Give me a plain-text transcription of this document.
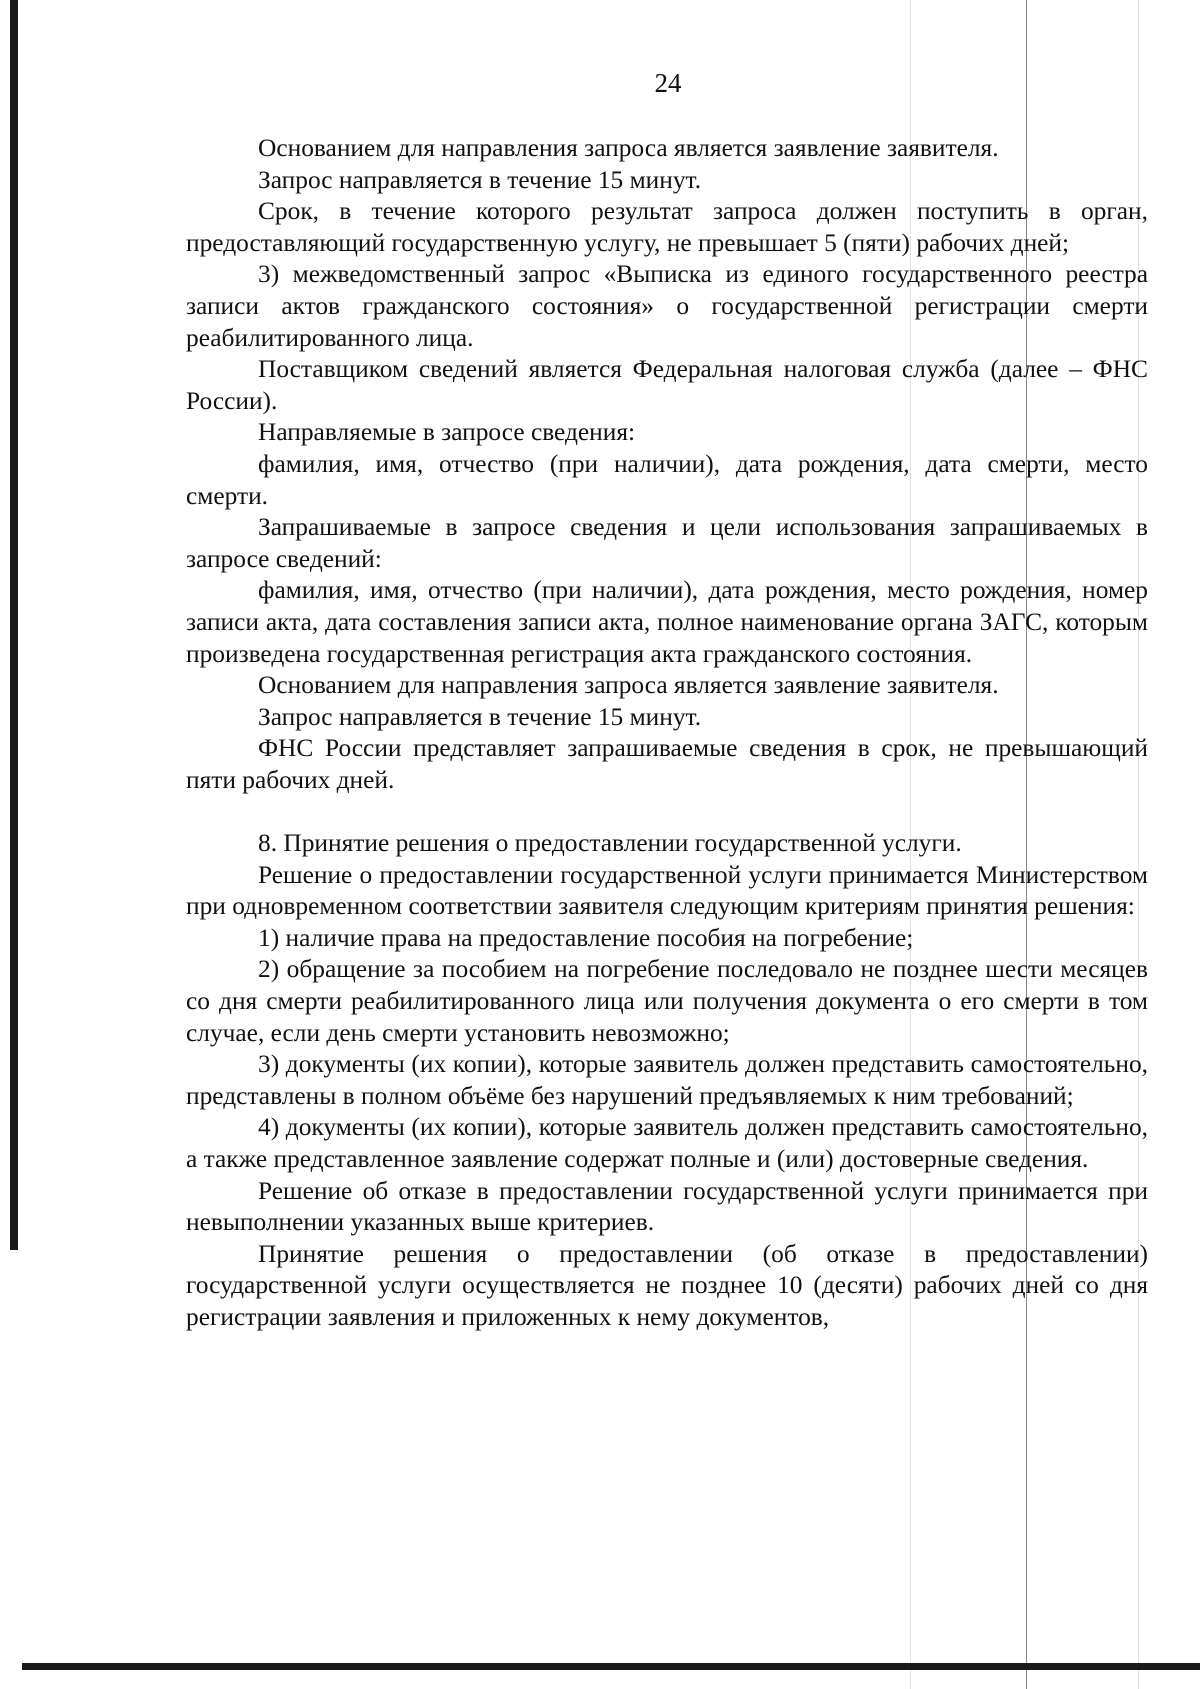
24

Основанием для направления запроса является заявление заявителя.

Запрос направляется в течение 15 минут.

Срок, в течение которого результат запроса должен поступить в орган, предоставляющий государственную услугу, не превышает 5 (пяти) рабочих дней;

3) межведомственный запрос «Выписка из единого государственного реестра записи актов гражданского состояния» о государственной регистрации смерти реабилитированного лица.

Поставщиком сведений является Федеральная налоговая служба (далее – ФНС России).

Направляемые в запросе сведения:

фамилия, имя, отчество (при наличии), дата рождения, дата смерти, место смерти.

Запрашиваемые в запросе сведения и цели использования запрашиваемых в запросе сведений:

фамилия, имя, отчество (при наличии), дата рождения, место рождения, номер записи акта, дата составления записи акта, полное наименование органа ЗАГС, которым произведена государственная регистрация акта гражданского состояния.

Основанием для направления запроса является заявление заявителя.

Запрос направляется в течение 15 минут.

ФНС России представляет запрашиваемые сведения в срок, не превышающий пяти рабочих дней.

8. Принятие решения о предоставлении государственной услуги.

Решение о предоставлении государственной услуги принимается Министерством при одновременном соответствии заявителя следующим критериям принятия решения:

1) наличие права на предоставление пособия на погребение;

2) обращение за пособием на погребение последовало не позднее шести месяцев со дня смерти реабилитированного лица или получения документа о его смерти в том случае, если день смерти установить невозможно;

3) документы (их копии), которые заявитель должен представить самостоятельно, представлены в полном объёме без нарушений предъявляемых к ним требований;

4) документы (их копии), которые заявитель должен представить самостоятельно, а также представленное заявление содержат полные и (или) достоверные сведения.

Решение об отказе в предоставлении государственной услуги принимается при невыполнении указанных выше критериев.

Принятие решения о предоставлении (об отказе в предоставлении) государственной услуги осуществляется не позднее 10 (десяти) рабочих дней со дня регистрации заявления и приложенных к нему документов,
